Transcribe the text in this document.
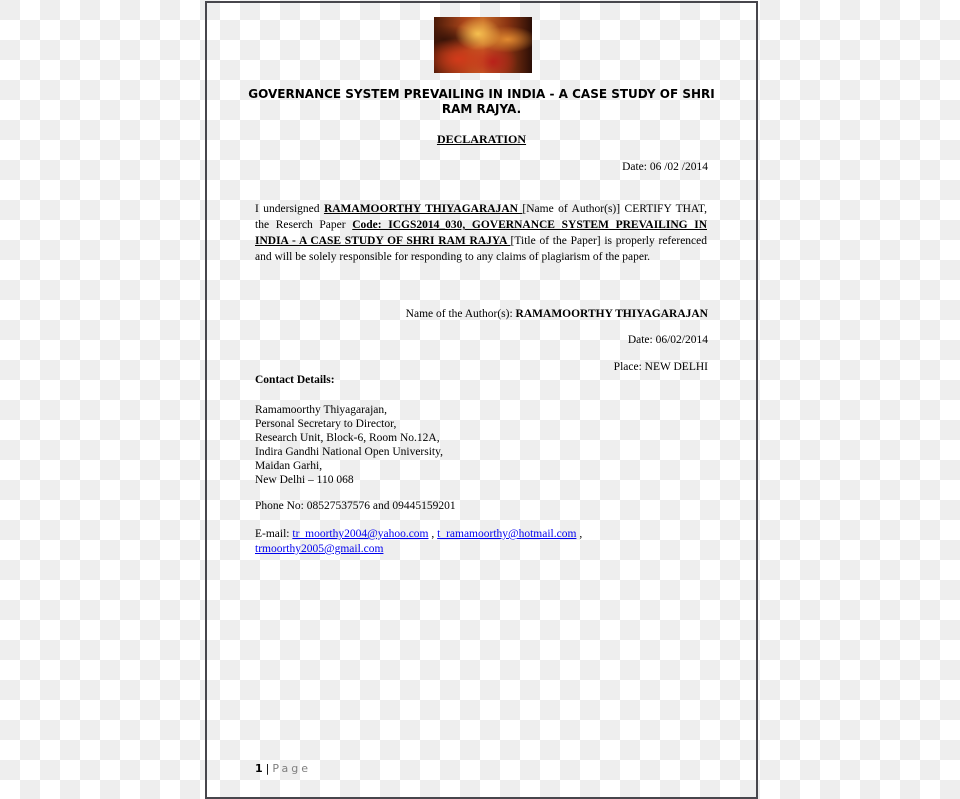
GOVERNANCE SYSTEM PREVAILING IN INDIA - A CASE STUDY OF SHRI RAM RAJYA.
DECLARATION
Date: 06 /02 /2014
I undersigned RAMAMOORTHY THIYAGARAJAN [Name of Author(s)] CERTIFY THAT, the Reserch Paper Code: ICGS2014_030, GOVERNANCE SYSTEM PREVAILING IN INDIA - A CASE STUDY OF SHRI RAM RAJYA [Title of the Paper] is properly referenced and will be solely responsible for responding to any claims of plagiarism of the paper.
Name of the Author(s): RAMAMOORTHY THIYAGARAJAN
Date: 06/02/2014
Place: NEW DELHI
Contact Details:
Ramamoorthy Thiyagarajan,
Personal Secretary to Director,
Research Unit, Block-6, Room No.12A,
Indira Gandhi National Open University,
Maidan Garhi,
New Delhi – 110 068
Phone No: 08527537576 and 09445159201
E-mail: tr_moorthy2004@yahoo.com , t_ramamoorthy@hotmail.com , trmoorthy2005@gmail.com
1 | Page
